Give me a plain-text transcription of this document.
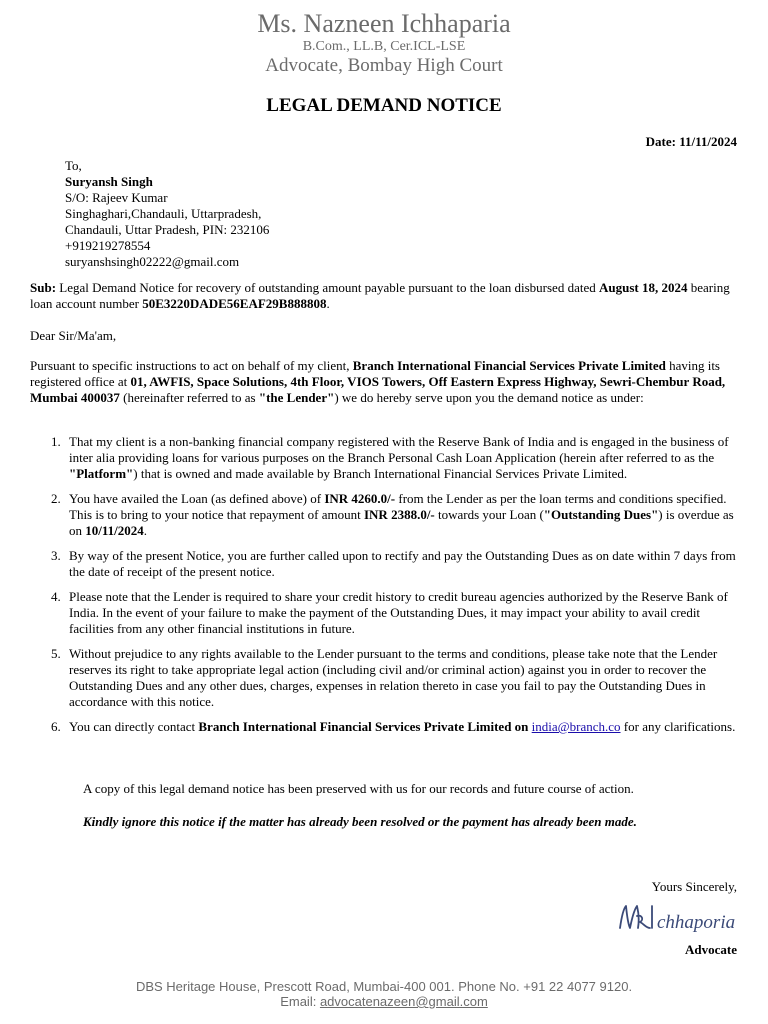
Ms. Nazneen Ichhaparia
B.Com., LL.B, Cer.ICL-LSE
Advocate, Bombay High Court
LEGAL DEMAND NOTICE
Date: 11/11/2024
To,
Suryansh Singh
S/O: Rajeev Kumar
Singhaghari,Chandauli, Uttarpradesh,
Chandauli, Uttar Pradesh, PIN: 232106
+919219278554
suryanshsingh02222@gmail.com
Sub: Legal Demand Notice for recovery of outstanding amount payable pursuant to the loan disbursed dated August 18, 2024 bearing loan account number 50E3220DADE56EAF29B888808.
Dear Sir/Ma'am,
Pursuant to specific instructions to act on behalf of my client, Branch International Financial Services Private Limited having its registered office at 01, AWFIS, Space Solutions, 4th Floor, VIOS Towers, Off Eastern Express Highway, Sewri-Chembur Road, Mumbai 400037 (hereinafter referred to as "the Lender") we do hereby serve upon you the demand notice as under:
1. That my client is a non-banking financial company registered with the Reserve Bank of India and is engaged in the business of inter alia providing loans for various purposes on the Branch Personal Cash Loan Application (herein after referred to as the "Platform") that is owned and made available by Branch International Financial Services Private Limited.
2. You have availed the Loan (as defined above) of INR 4260.0/- from the Lender as per the loan terms and conditions specified. This is to bring to your notice that repayment of amount INR 2388.0/- towards your Loan ("Outstanding Dues") is overdue as on 10/11/2024.
3. By way of the present Notice, you are further called upon to rectify and pay the Outstanding Dues as on date within 7 days from the date of receipt of the present notice.
4. Please note that the Lender is required to share your credit history to credit bureau agencies authorized by the Reserve Bank of India. In the event of your failure to make the payment of the Outstanding Dues, it may impact your ability to avail credit facilities from any other financial institutions in future.
5. Without prejudice to any rights available to the Lender pursuant to the terms and conditions, please take note that the Lender reserves its right to take appropriate legal action (including civil and/or criminal action) against you in order to recover the Outstanding Dues and any other dues, charges, expenses in relation thereto in case you fail to pay the Outstanding Dues in accordance with this notice.
6. You can directly contact Branch International Financial Services Private Limited on india@branch.co for any clarifications.
A copy of this legal demand notice has been preserved with us for our records and future course of action.
Kindly ignore this notice if the matter has already been resolved or the payment has already been made.
Yours Sincerely,
chhaporia
Advocate
DBS Heritage House, Prescott Road, Mumbai-400 001. Phone No. +91 22 4077 9120.
Email: advocatenazeen@gmail.com
